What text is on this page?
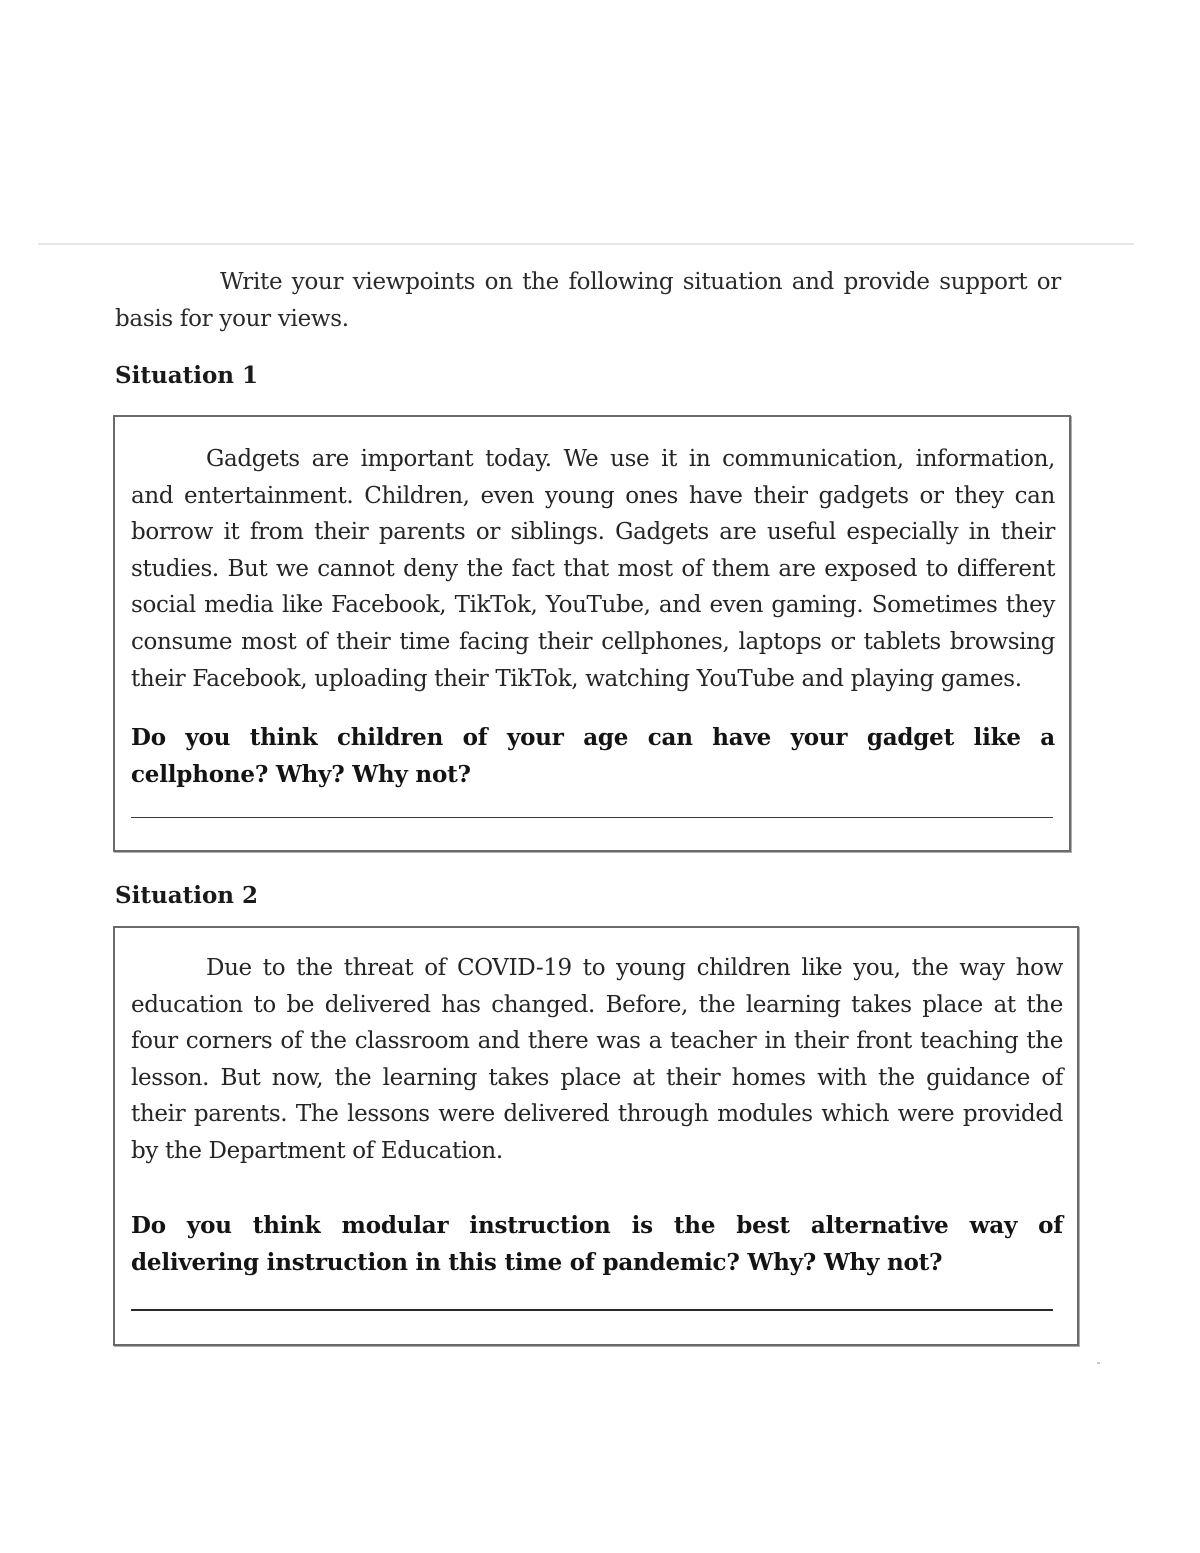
Write your viewpoints on the following situation and provide support or basis for your views.

Situation 1

Gadgets are important today. We use it in communication, information, and entertainment. Children, even young ones have their gadgets or they can borrow it from their parents or siblings. Gadgets are useful especially in their studies. But we cannot deny the fact that most of them are exposed to different social media like Facebook, TikTok, YouTube, and even gaming. Sometimes they consume most of their time facing their cellphones, laptops or tablets browsing their Facebook, uploading their TikTok, watching YouTube and playing games.

Do you think children of your age can have your gadget like a cellphone? Why? Why not?

Situation 2

Due to the threat of COVID-19 to young children like you, the way how education to be delivered has changed. Before, the learning takes place at the four corners of the classroom and there was a teacher in their front teaching the lesson. But now, the learning takes place at their homes with the guidance of their parents. The lessons were delivered through modules which were provided by the Department of Education.

Do you think modular instruction is the best alternative way of delivering instruction in this time of pandemic? Why? Why not?
